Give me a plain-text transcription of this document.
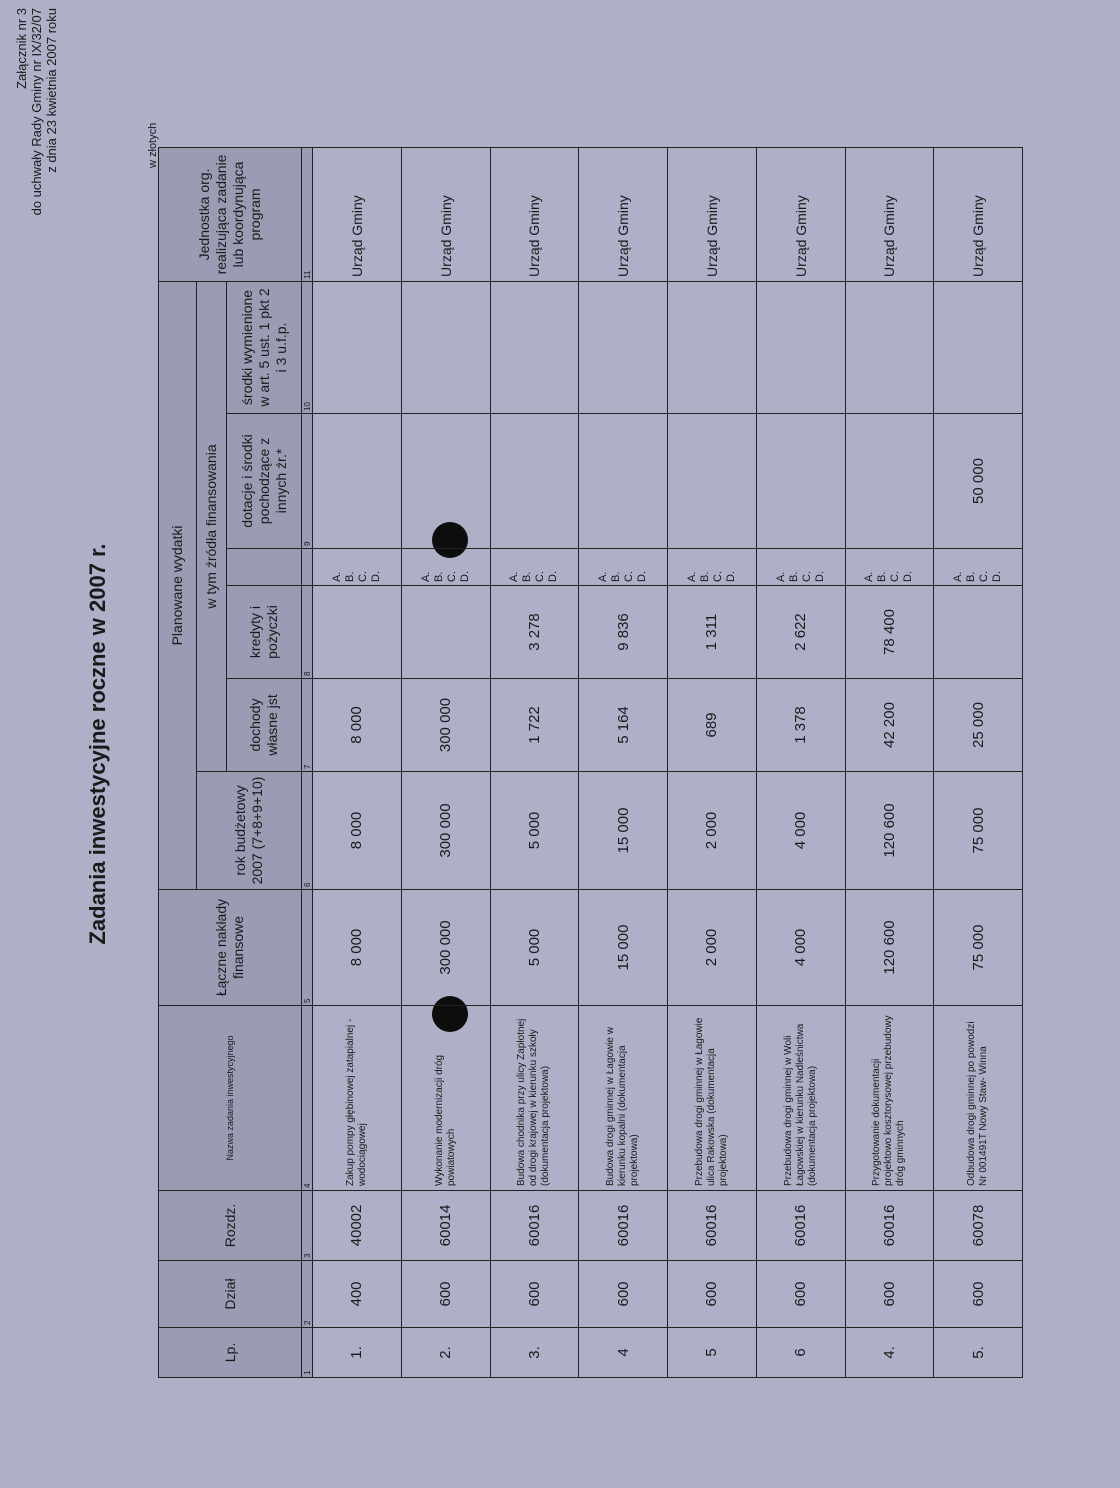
Załącznik nr 3 do uchwały Rady Gminy nr IX/32/07 z dnia 23 kwietnia 2007 roku
Zadania inwestycyjne roczne w 2007 r.
w złotych
Lp.	Dział	Rozdz.	Nazwa zadania inwestycyjnego	Łączne nakłady finansowe	Planowane wydatki						Jednostka org. realizująca zadanie lub koordynująca program
					rok budżetowy 2007 (7+8+9+10)	w tym źródła finansowania					
						dochody własne jst	kredyty i pożyczki		dotacje i środki pochodzące z innych źr.*	środki wymienione w art. 5 ust. 1 pkt 2 i 3 u.f.p.	
1	2	3	4	5	6	7	8		9	10	11
1.	400	40002	Zakup pompy głębinowej zatapialnej - wodociągowej	8 000	8 000	8 000		A.
B.
C.
D.			Urząd Gminy
2.	600	60014	Wykonanie modernizacji dróg powiatowych	300 000	300 000	300 000		A.
B.
C.
D.			Urząd Gminy
3.	600	60016	Budowa chodnika przy ulicy Zapłotnej od drogi krajowej w kierunku szkoły (dokumentacja projektowa)	5 000	5 000	1 722	3 278	A.
B.
C.
D.			Urząd Gminy
4	600	60016	Budowa drogi gminnej w Łagowie w kierunku kopalni (dokumentacja projektowa)	15 000	15 000	5 164	9 836	A.
B.
C.
D.			Urząd Gminy
5	600	60016	Przebudowa drogi gminnej w Łagowie ulica Rakowska (dokumentacja projektowa)	2 000	2 000	689	1 311	A.
B.
C.
D.			Urząd Gminy
6	600	60016	Przebudowa drogi gminnej w Woli Łagowskiej w kierunku Nadleśnictwa (dokumentacja projektowa)	4 000	4 000	1 378	2 622	A.
B.
C.
D.			Urząd Gminy
4.	600	60016	Przygotowanie dokumentacji projektowo kosztorysowej przebudowy dróg gminnych	120 600	120 600	42 200	78 400	A.
B.
C.
D.			Urząd Gminy
5.	600	60078	Odbudowa drogi gminnej po powodzi Nr 001491T Nowy Staw- Winna	75 000	75 000	25 000		A.
B.
C.
D.	50 000		Urząd Gminy
